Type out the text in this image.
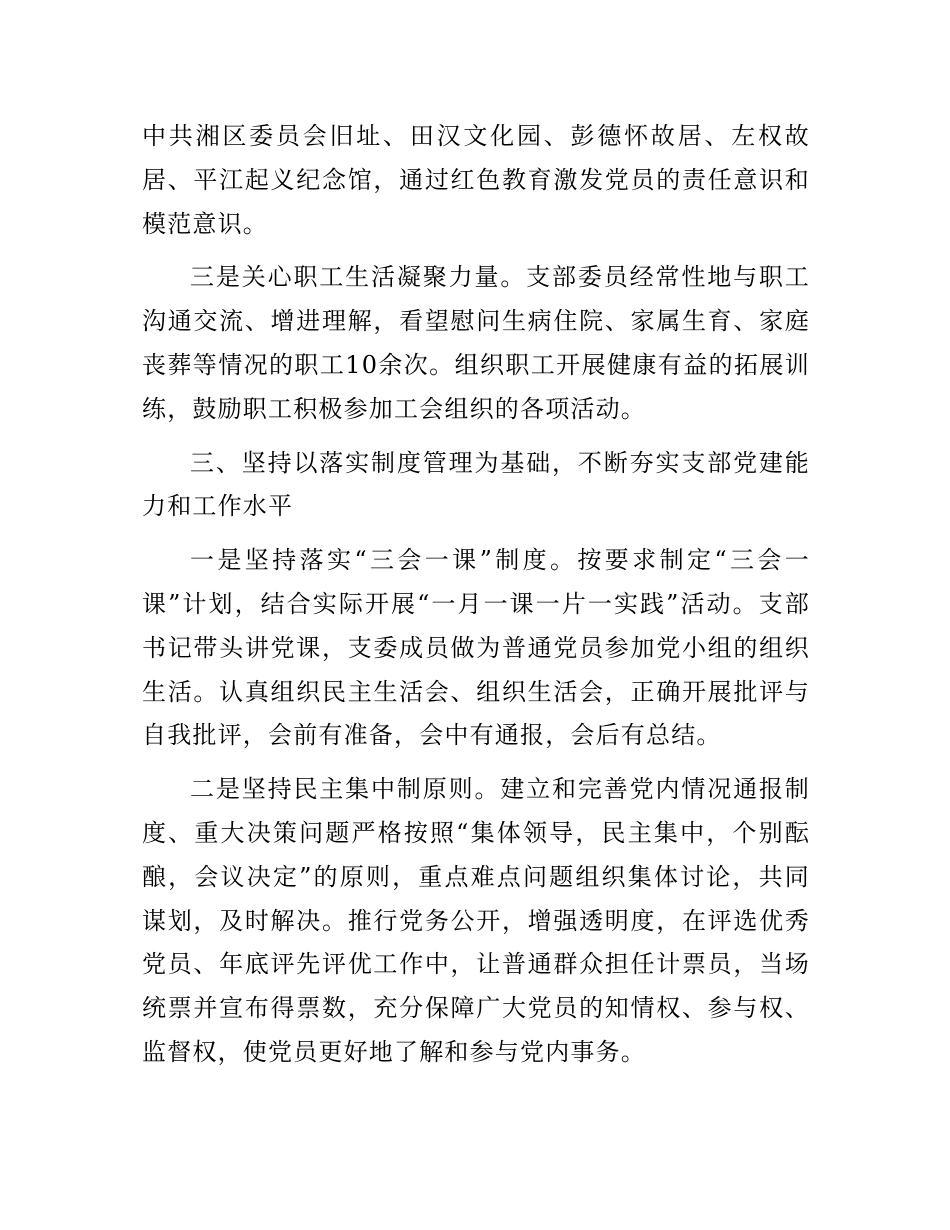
中共湘区委员会旧址、田汉文化园、彭德怀故居、左权故居、平江起义纪念馆，通过红色教育激发党员的责任意识和模范意识。

三是关心职工生活凝聚力量。支部委员经常性地与职工沟通交流、增进理解，看望慰问生病住院、家属生育、家庭丧葬等情况的职工10余次。组织职工开展健康有益的拓展训练，鼓励职工积极参加工会组织的各项活动。

三、坚持以落实制度管理为基础，不断夯实支部党建能力和工作水平

一是坚持落实“三会一课”制度。按要求制定“三会一课”计划，结合实际开展“一月一课一片一实践”活动。支部书记带头讲党课，支委成员做为普通党员参加党小组的组织生活。认真组织民主生活会、组织生活会，正确开展批评与自我批评，会前有准备，会中有通报，会后有总结。

二是坚持民主集中制原则。建立和完善党内情况通报制度、重大决策问题严格按照“集体领导，民主集中，个别酝酿，会议决定”的原则，重点难点问题组织集体讨论，共同谋划，及时解决。推行党务公开，增强透明度，在评选优秀党员、年底评先评优工作中，让普通群众担任计票员，当场统票并宣布得票数，充分保障广大党员的知情权、参与权、监督权，使党员更好地了解和参与党内事务。
